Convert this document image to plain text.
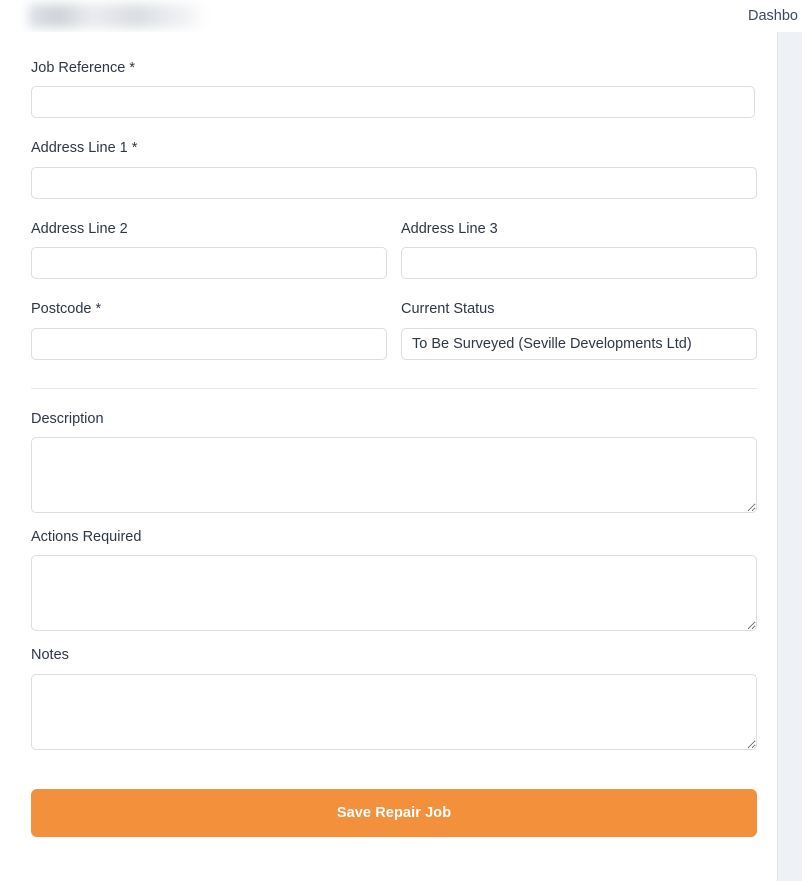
Dashbo
Job Reference *
Address Line 1 *
Address Line 2	Address Line 3
Postcode *	Current Status
To Be Surveyed (Seville Developments Ltd)
Description
Actions Required
Notes
Save Repair Job
